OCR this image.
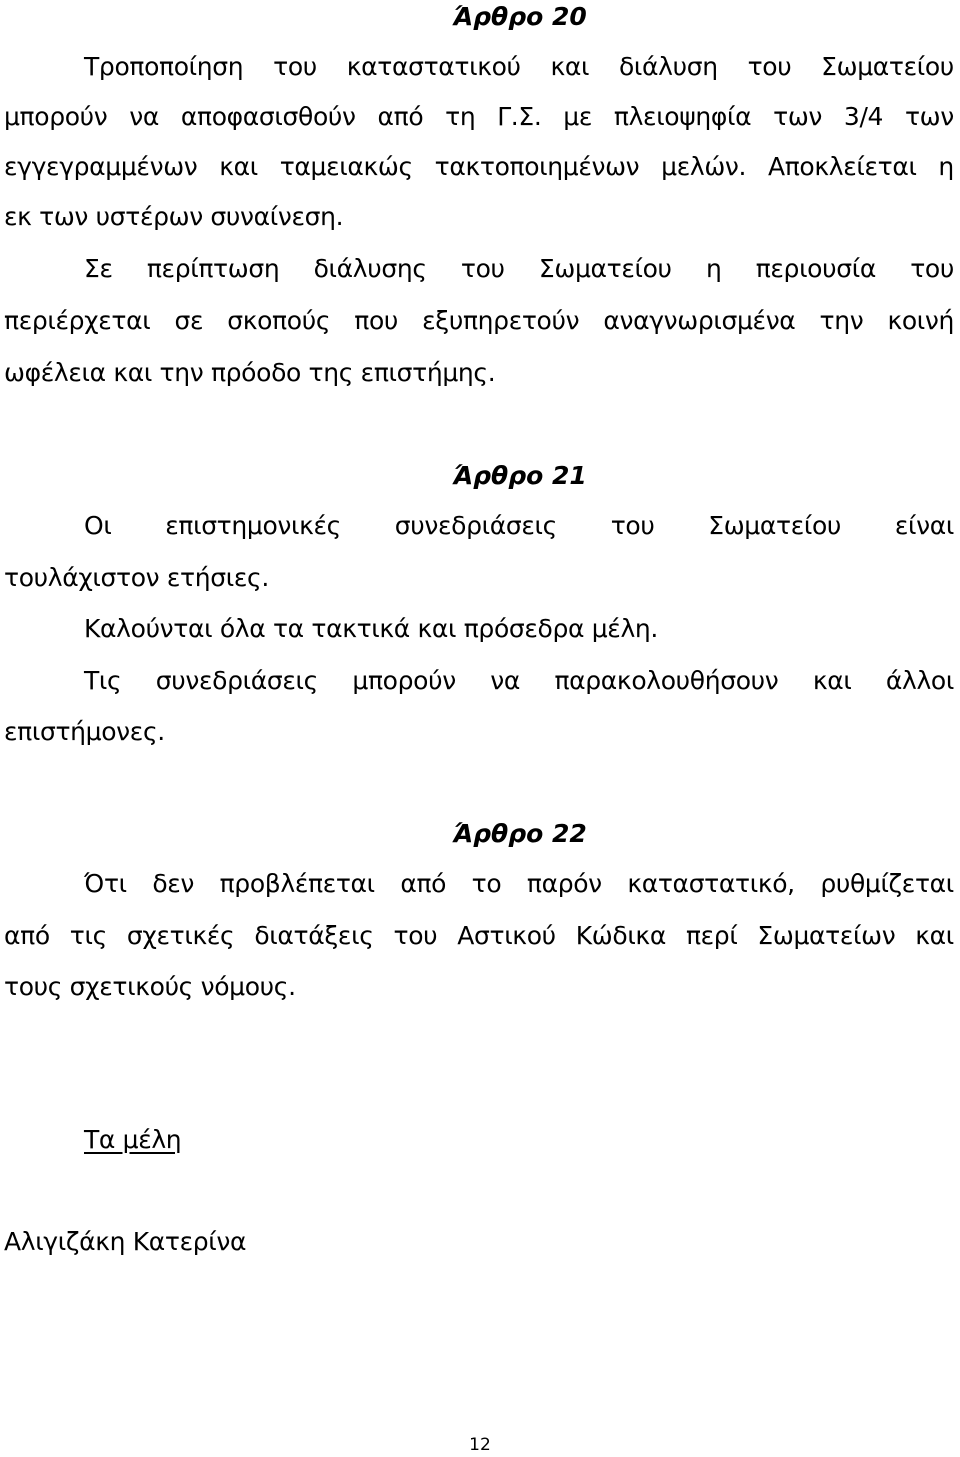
Άρθρο 20
Τροποποίηση του καταστατικού και διάλυση του Σωματείου
μπορούν να αποφασισθούν από τη Γ.Σ. με πλειοψηφία των 3/4 των
εγγεγραμμένων και ταμειακώς τακτοποιημένων μελών. Αποκλείεται η
εκ των υστέρων συναίνεση.
Σε περίπτωση διάλυσης του Σωματείου η περιουσία του
περιέρχεται σε σκοπούς που εξυπηρετούν αναγνωρισμένα την κοινή
ωφέλεια και την πρόοδο της επιστήμης.
Άρθρο 21
Οι επιστημονικές συνεδριάσεις του Σωματείου είναι
τουλάχιστον ετήσιες.
Καλούνται όλα τα τακτικά και πρόσεδρα μέλη.
Τις συνεδριάσεις μπορούν να παρακολουθήσουν και άλλοι
επιστήμονες.
Άρθρο 22
Ότι δεν προβλέπεται από το παρόν καταστατικό, ρυθμίζεται
από τις σχετικές διατάξεις του Αστικού Κώδικα περί Σωματείων και
τους σχετικούς νόμους.
Τα μέλη
Αλιγιζάκη Κατερίνα
12
